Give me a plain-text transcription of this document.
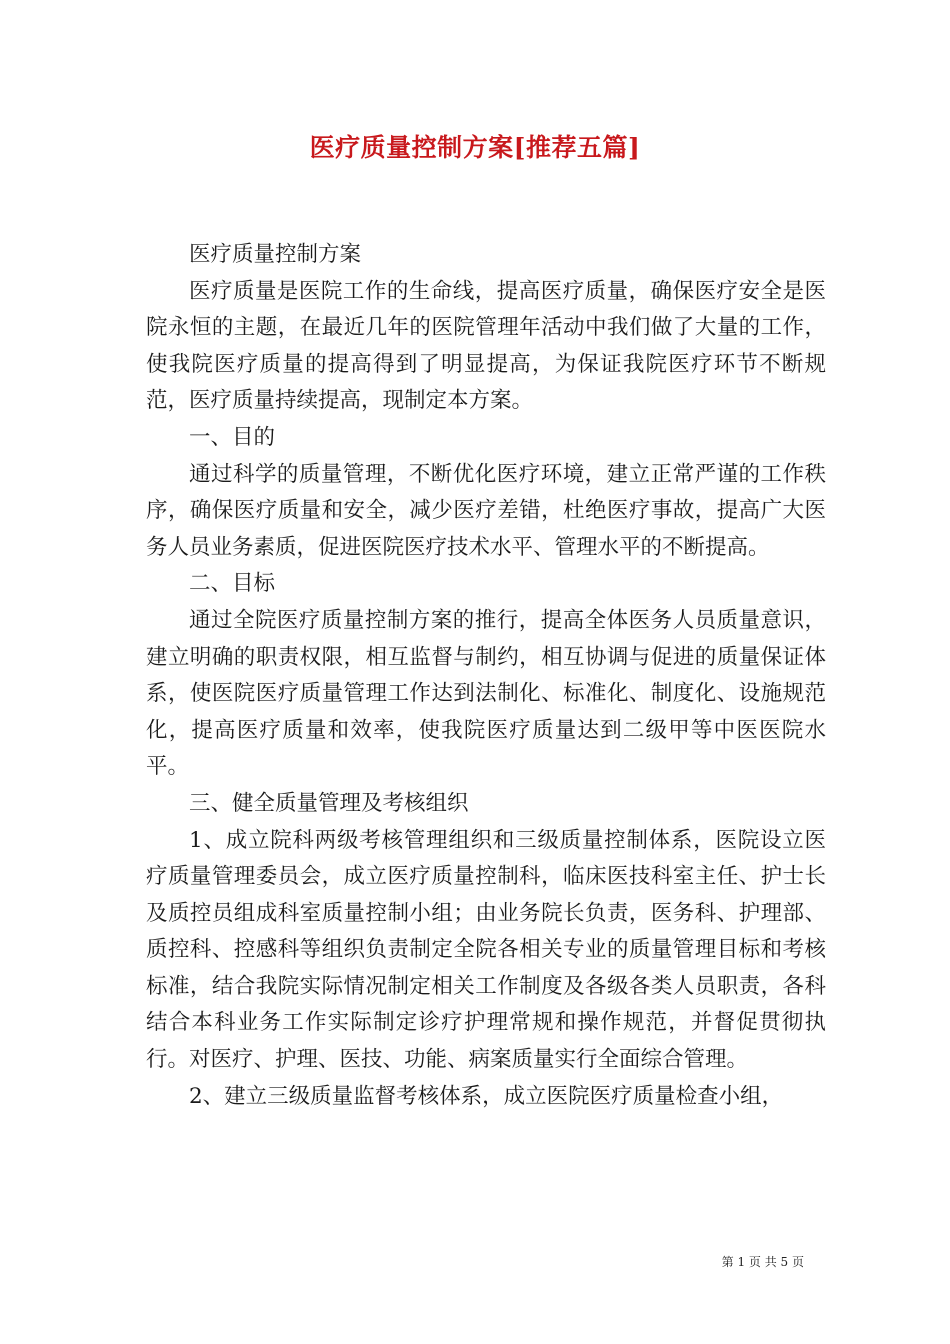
医疗质量控制方案[推荐五篇]

医疗质量控制方案

医疗质量是医院工作的生命线，提高医疗质量，确保医疗安全是医院永恒的主题，在最近几年的医院管理年活动中我们做了大量的工作，使我院医疗质量的提高得到了明显提高，为保证我院医疗环节不断规范，医疗质量持续提高，现制定本方案。

一、目的

通过科学的质量管理，不断优化医疗环境，建立正常严谨的工作秩序，确保医疗质量和安全，减少医疗差错，杜绝医疗事故，提高广大医务人员业务素质，促进医院医疗技术水平、管理水平的不断提高。

二、目标

通过全院医疗质量控制方案的推行，提高全体医务人员质量意识，建立明确的职责权限，相互监督与制约，相互协调与促进的质量保证体系，使医院医疗质量管理工作达到法制化、标准化、制度化、设施规范化，提高医疗质量和效率，使我院医疗质量达到二级甲等中医医院水平。

三、健全质量管理及考核组织

1、成立院科两级考核管理组织和三级质量控制体系，医院设立医疗质量管理委员会，成立医疗质量控制科，临床医技科室主任、护士长及质控员组成科室质量控制小组；由业务院长负责，医务科、护理部、质控科、控感科等组织负责制定全院各相关专业的质量管理目标和考核标准，结合我院实际情况制定相关工作制度及各级各类人员职责，各科结合本科业务工作实际制定诊疗护理常规和操作规范，并督促贯彻执行。对医疗、护理、医技、功能、病案质量实行全面综合管理。

2、建立三级质量监督考核体系，成立医院医疗质量检查小组，

第 1 页 共 5 页
